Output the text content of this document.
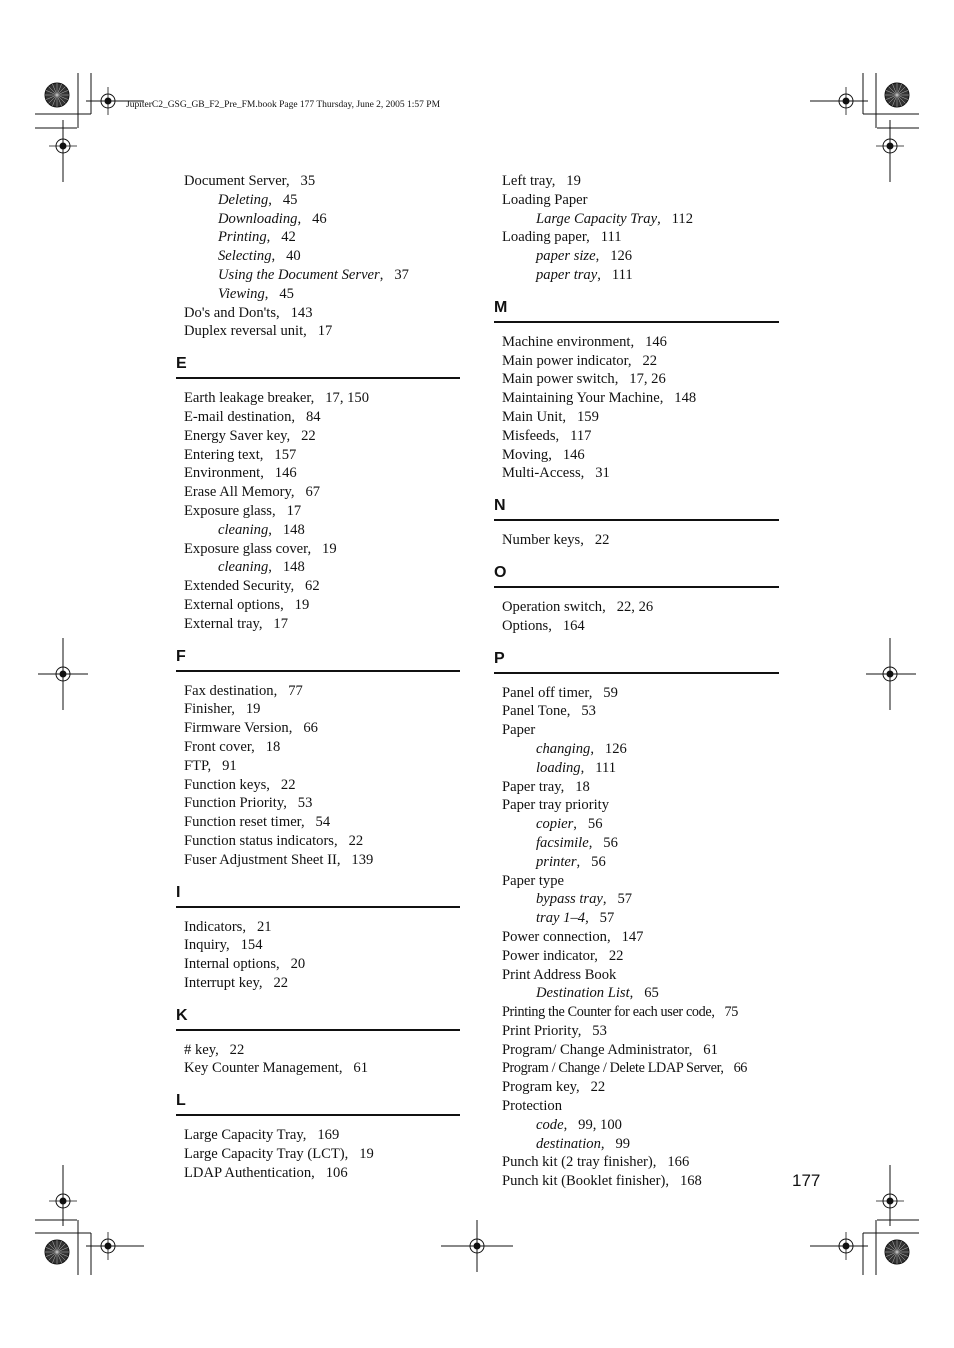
JupiterC2_GSG_GB_F2_Pre_FM.book Page 177 Thursday, June 2, 2005 1:57 PM
Document Server,  35
Deleting,  45
Downloading,  46
Printing,  42
Selecting,  40
Using the Document Server,  37
Viewing,  45
Do's and Don'ts,  143
Duplex reversal unit,  17
E
Earth leakage breaker,  17, 150
E-mail destination,  84
Energy Saver key,  22
Entering text,  157
Environment,  146
Erase All Memory,  67
Exposure glass,  17
cleaning,  148
Exposure glass cover,  19
cleaning,  148
Extended Security,  62
External options,  19
External tray,  17
F
Fax destination,  77
Finisher,  19
Firmware Version,  66
Front cover,  18
FTP,  91
Function keys,  22
Function Priority,  53
Function reset timer,  54
Function status indicators,  22
Fuser Adjustment Sheet II,  139
I
Indicators,  21
Inquiry,  154
Internal options,  20
Interrupt key,  22
K
# key,  22
Key Counter Management,  61
L
Large Capacity Tray,  169
Large Capacity Tray (LCT),  19
LDAP Authentication,  106
Left tray,  19
Loading Paper
Large Capacity Tray,  112
Loading paper,  111
paper size,  126
paper tray,  111
M
Machine environment,  146
Main power indicator,  22
Main power switch,  17, 26
Maintaining Your Machine,  148
Main Unit,  159
Misfeeds,  117
Moving,  146
Multi-Access,  31
N
Number keys,  22
O
Operation switch,  22, 26
Options,  164
P
Panel off timer,  59
Panel Tone,  53
Paper
changing,  126
loading,  111
Paper tray,  18
Paper tray priority
copier,  56
facsimile,  56
printer,  56
Paper type
bypass tray,  57
tray 1–4,  57
Power connection,  147
Power indicator,  22
Print Address Book
Destination List,  65
Printing the Counter for each user code,  75
Print Priority,  53
Program/ Change Administrator,  61
Program / Change / Delete LDAP Server,  66
Program key,  22
Protection
code,  99, 100
destination,  99
Punch kit (2 tray finisher),  166
Punch kit (Booklet finisher),  168	177
